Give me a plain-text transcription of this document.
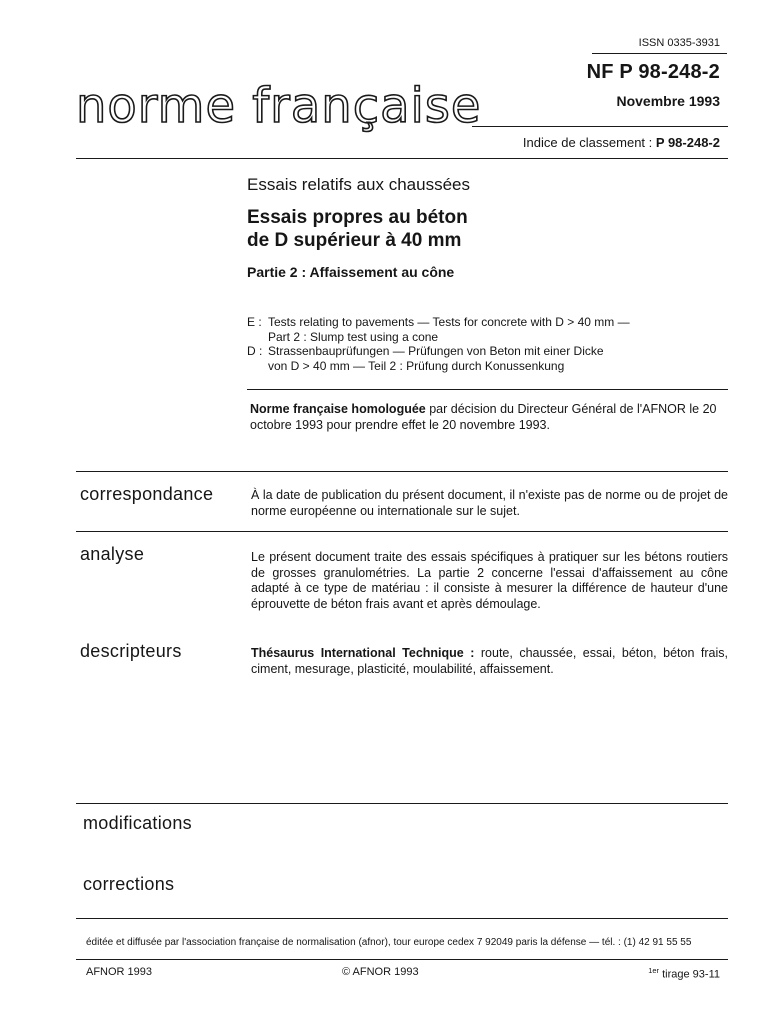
ISSN 0335-3931
NF P 98-248-2
Novembre 1993
norme française
Indice de classement : P 98-248-2
Essais relatifs aux chaussées
Essais propres au béton
de D supérieur à 40 mm
Partie 2 : Affaissement au cône
E : Tests relating to pavements — Tests for concrete with D > 40 mm —
Part 2 : Slump test using a cone
D : Strassenbauprüfungen — Prüfungen von Beton mit einer Dicke
von D > 40 mm — Teil 2 : Prüfung durch Konussenkung
Norme française homologuée par décision du Directeur Général de l'AFNOR le 20 octobre 1993 pour prendre effet le 20 novembre 1993.
correspondance	À la date de publication du présent document, il n'existe pas de norme ou de projet de norme européenne ou internationale sur le sujet.
analyse	Le présent document traite des essais spécifiques à pratiquer sur les bétons routiers de grosses granulométries. La partie 2 concerne l'essai d'affaissement au cône adapté à ce type de matériau : il consiste à mesurer la différence de hauteur d'une éprouvette de béton frais avant et après démoulage.
descripteurs	Thésaurus International Technique : route, chaussée, essai, béton, béton frais, ciment, mesurage, plasticité, moulabilité, affaissement.
modifications
corrections
éditée et diffusée par l'association française de normalisation (afnor), tour europe cedex 7 92049 paris la défense — tél. : (1) 42 91 55 55
AFNOR 1993	© AFNOR 1993	$^{1er}$ tirage 93-11
